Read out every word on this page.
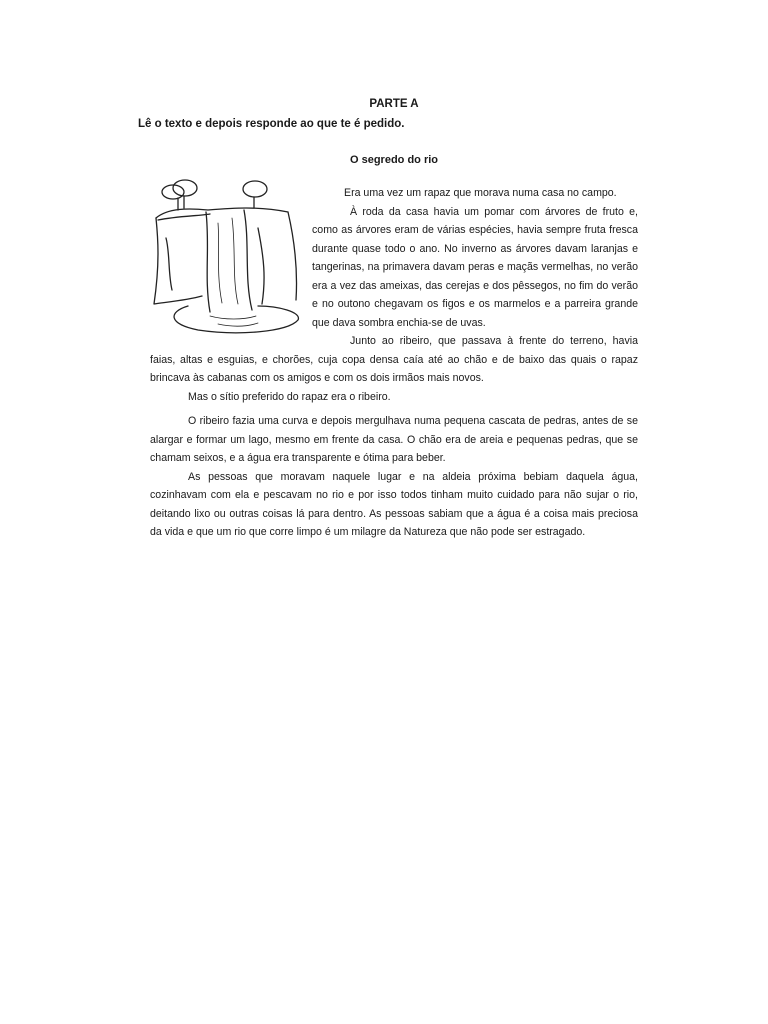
PARTE A

Lê o texto e depois responde ao que te é pedido.

O segredo do rio

Era uma vez um rapaz que morava numa casa no campo.

À roda da casa havia um pomar com árvores de fruto e, como as árvores eram de várias espécies, havia sempre fruta fresca durante quase todo o ano. No inverno as árvores davam laranjas e tangerinas, na primavera davam peras e maçãs vermelhas, no verão era a vez das ameixas, das cerejas e dos pêssegos, no fim do verão e no outono chegavam os figos e os marmelos e a parreira grande que dava sombra enchia-se de uvas.

Junto ao ribeiro, que passava à frente do terreno, havia faias, altas e esguias, e chorões, cuja copa densa caía até ao chão e de baixo das quais o rapaz brincava às cabanas com os amigos e com os dois irmãos mais novos.

Mas o sítio preferido do rapaz era o ribeiro.

O ribeiro fazia uma curva e depois mergulhava numa pequena cascata de pedras, antes de se alargar e formar um lago, mesmo em frente da casa. O chão era de areia e pequenas pedras, que se chamam seixos, e a água era transparente e ótima para beber.

As pessoas que moravam naquele lugar e na aldeia próxima bebiam daquela água, cozinhavam com ela e pescavam no rio e por isso todos tinham muito cuidado para não sujar o rio, deitando lixo ou outras coisas lá para dentro. As pessoas sabiam que a água é a coisa mais preciosa da vida e que um rio que corre limpo é um milagre da Natureza que não pode ser estragado.
